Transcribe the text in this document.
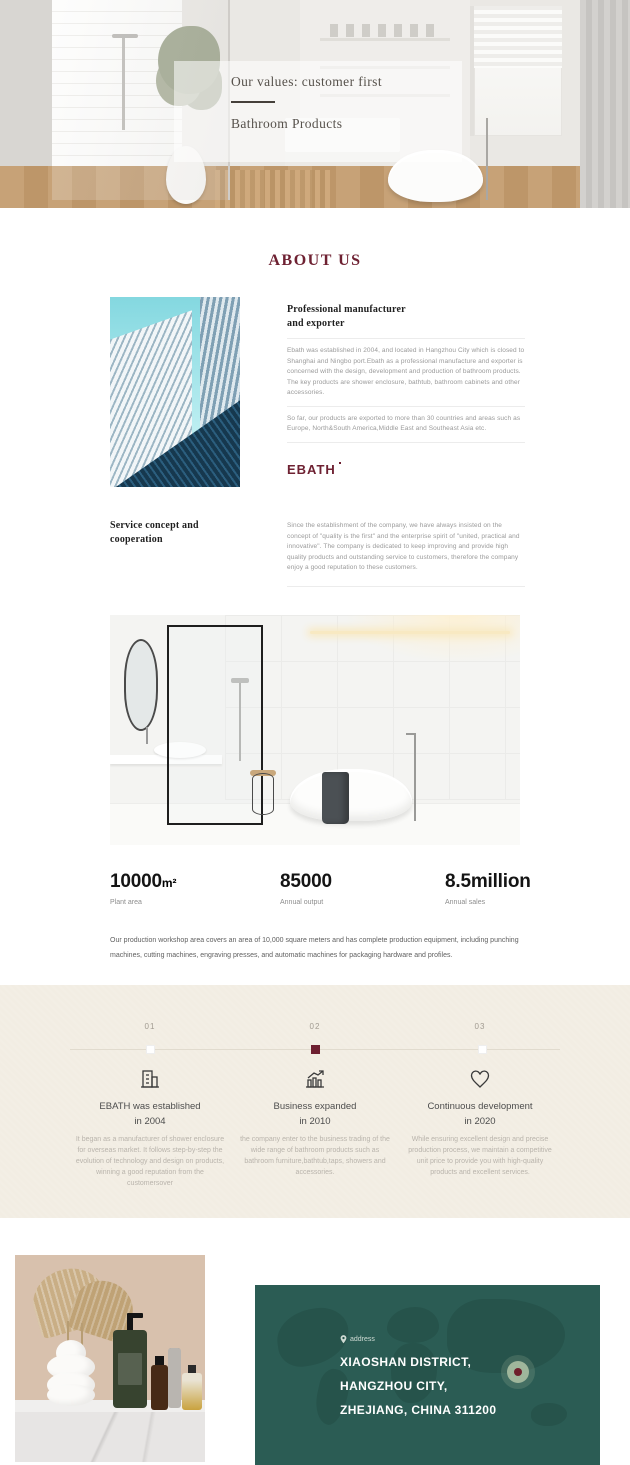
Our values: customer first
Bathroom Products
ABOUT US
Professional manufacturer
and exporter

Ebath was established in 2004, and located in Hangzhou City which is closed to Shanghai and Ningbo port.Ebath as a professional manufacture and exporter is concerned with the design, development and production of bathroom products. The key products are shower enclosure, bathtub, bathroom cabinets and other accessories.

So far, our products are exported to more than 30 countries and areas such as Europe, North&South America,Middle East and Southeast Asia etc.

EBATH
Service concept and
cooperation

Since the establishment of the company, we have always insisted on the concept of "quality is the first" and the enterprise spirit of "united, practical and innovative". The company is dedicated to keep improving and provide high quality products and outstanding service to customers, therefore the company enjoy a good reputation to these customers.

10000m²
Plant area
85000
Annual output
8.5million
Annual sales

Our production workshop area covers an area of 10,000 square meters and has complete production equipment, including punching machines, cutting machines, engraving presses, and automatic machines for packaging hardware and profiles.

01
EBATH was established
in 2004

It began as a manufacturer of shower enclosure for overseas market. It follows step-by-step the evolution of technology and design on products, winning a good reputation from the customersover

02
Business expanded
in 2010

the company enter to the business trading of the wide range of bathroom products such as bathroom furniture,bathtub,taps, showers and accessories.

03
Continuous development
in 2020

While ensuring excellent design and precise production process, we maintain a competitive unit price to provide you with high-quality products and excellent services.

address
XIAOSHAN DISTRICT,
HANGZHOU CITY,
ZHEJIANG, CHINA 311200
